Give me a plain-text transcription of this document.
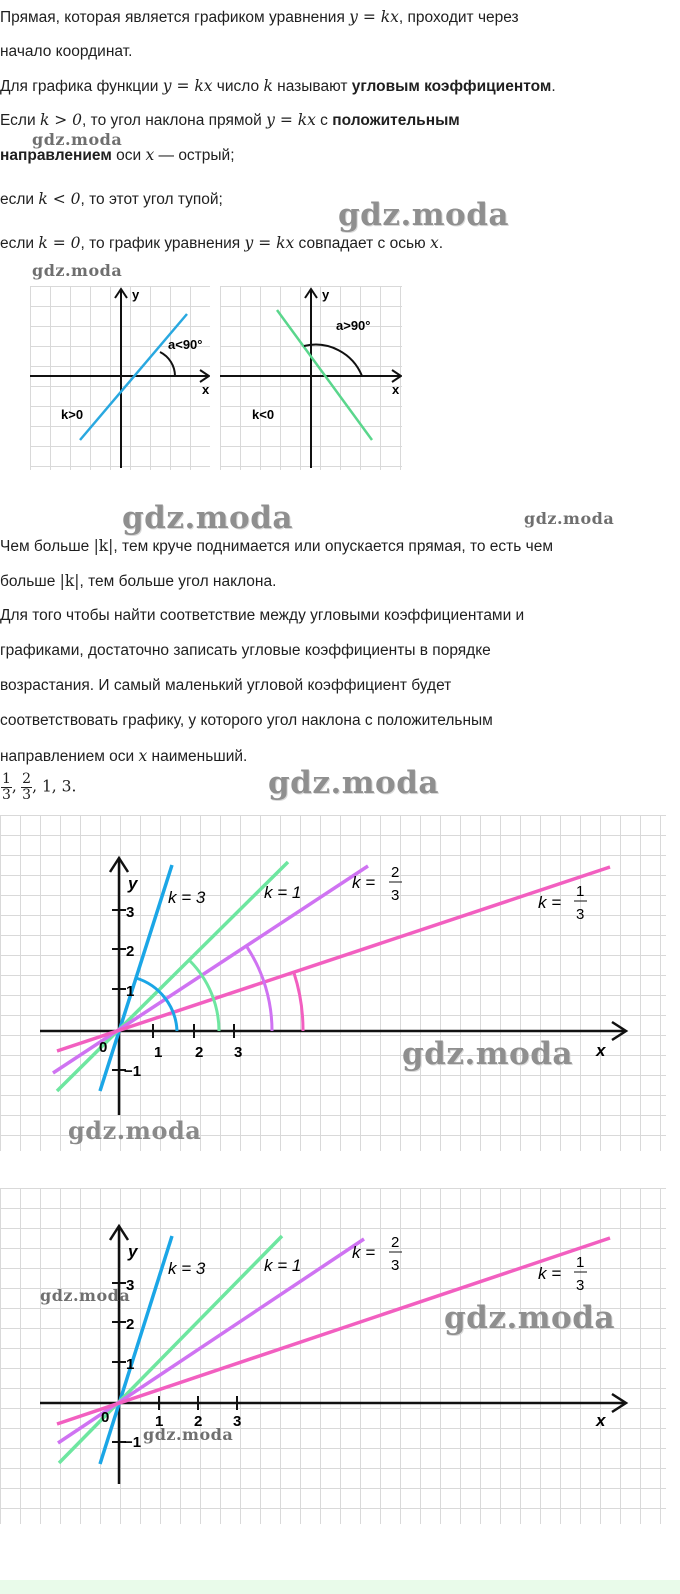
Прямая, которая является графиком уравнения y = kx, проходит через
начало координат.
Для графика функции y = kx число k называют угловым коэффициентом.
Если k > 0, то угол наклона прямой y = kx с положительным
gdz.moda
направлением оси x — острый;
если k < 0, то этот угол тупой;	gdz.moda
если k = 0, то график уравнения y = kx совпадает с осью x.
gdz.moda
y
x
a<90°
k>0
y
x
a>90°
k<0
gdz.moda	gdz.moda
Чем больше |k|, тем круче поднимается или опускается прямая, то есть чем
больше |k|, тем больше угол наклона.
Для того чтобы найти соответствие между угловыми коэффициентами и
графиками, достаточно записать угловые коэффициенты в порядке
возрастания. И самый маленький угловой коэффициент будет
соответствовать графику, у которого угол наклона с положительным
направлением оси x наименьший.
$\frac{1}{3}$ , $\frac{2}{3}$ , 1, 3.	gdz.moda
y
x
0	1 2 3
1
2
3
−1
k = 3	k = 1
k =
2
3	k =
1
3
gdz.moda
gdz.moda
y
x
0	1 2 3
1
2
3
−1
k = 3	k = 1
k =
2
3	k =
1
3
gdz.moda
gdz.moda
gdz.moda
